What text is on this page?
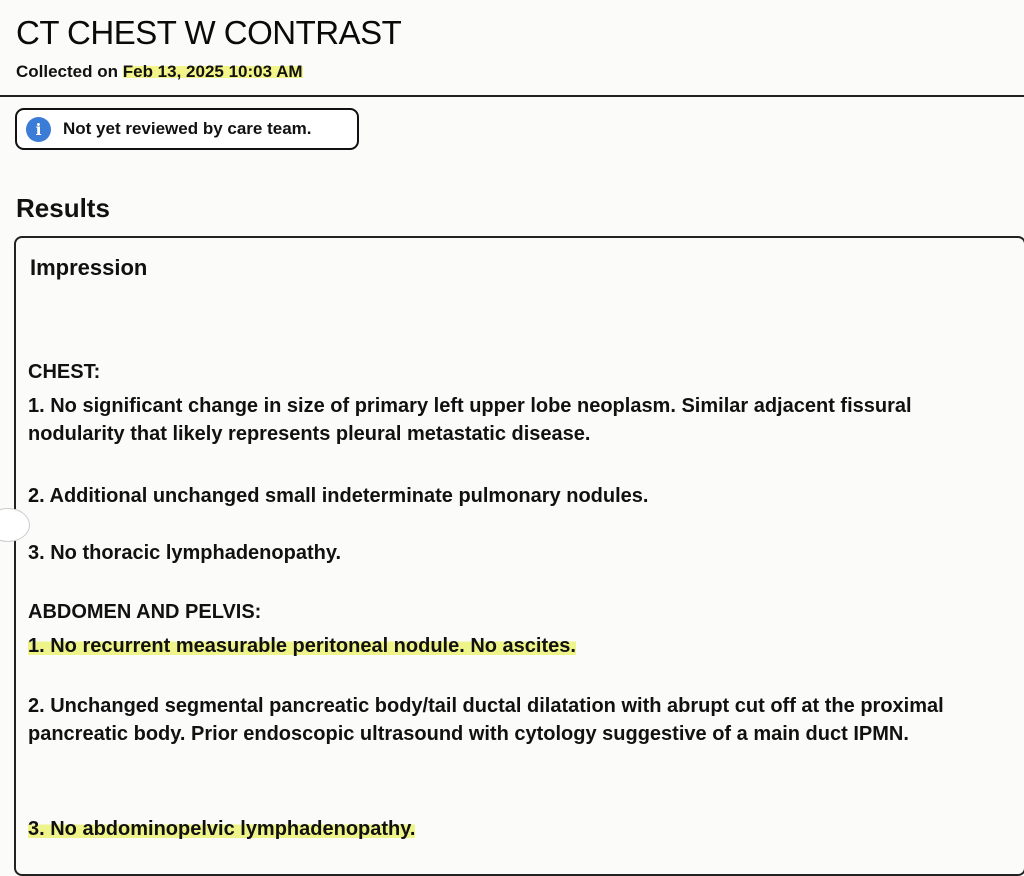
CT CHEST W CONTRAST
Collected on Feb 13, 2025 10:03 AM
i	Not yet reviewed by care team.
Results
Impression
CHEST:
1. No significant change in size of primary left upper lobe neoplasm. Similar adjacent fissural nodularity that likely represents pleural metastatic disease.
2. Additional unchanged small indeterminate pulmonary nodules.
3. No thoracic lymphadenopathy.
ABDOMEN AND PELVIS:
1. No recurrent measurable peritoneal nodule. No ascites.
2. Unchanged segmental pancreatic body/tail ductal dilatation with abrupt cut off at the proximal pancreatic body. Prior endoscopic ultrasound with cytology suggestive of a main duct IPMN.
3. No abdominopelvic lymphadenopathy.
